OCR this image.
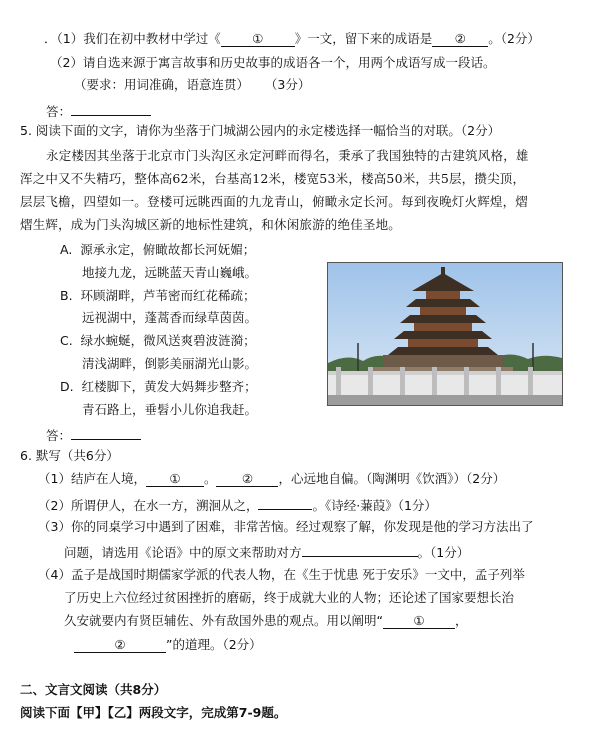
．（1）我们在初中教材中学过《	①	》一文，留下来的成语是 ② 。（2分）
（2）请自选来源于寓言故事和历史故事的成语各一个，用两个成语写成一段话。
（要求：用词准确，语意连贯） （3分）
答：
5. 阅读下面的文字，请你为坐落于门城湖公园内的永定楼选择一幅恰当的对联。（2分）
永定楼因其坐落于北京市门头沟区永定河畔而得名，秉承了我国独特的古建筑风格，雄
浑之中又不失精巧，整体高62米，台基高12米，楼宽53米，楼高50米，共5层，攒尖顶，
层层飞檐，四望如一。登楼可远眺西面的九龙青山，俯瞰永定长河。每到夜晚灯火辉煌，熠
熠生辉，成为门头沟城区新的地标性建筑，和休闲旅游的绝佳圣地。
A. 源承永定，俯瞰故都长河妩媚；
地接九龙，远眺蓝天青山巍峨。
B. 环顾湖畔，芦苇密而红花稀疏；
远视湖中，蓬蒿香而绿草茵茵。
C. 绿水蜿蜒，微风送爽碧波涟漪；
清浅湖畔，倒影美丽湖光山影。
D. 红楼脚下，黄发大妈舞步整齐；
青石路上，垂髫小儿你追我赶。
答：
6. 默写（共6分）
（1）结庐在人境， ① 。 ② ，心远地自偏。（陶渊明《饮酒》）（2分）
（2）所谓伊人，在水一方，溯洄从之，	。《诗经·蒹葭》（1分）
（3）你的同桌学习中遇到了困难，非常苦恼。经过观察了解，你发现是他的学习方法出了
问题，请选用《论语》中的原文来帮助对方	。（1分）
（4）孟子是战国时期儒家学派的代表人物，在《生于忧患 死于安乐》一文中，孟子列举
了历史上六位经过贫困挫折的磨砺，终于成就大业的人物；还论述了国家要想长治
久安就要内有贤臣辅佐、外有敌国外患的观点。用以阐明“ ① ，
②	”的道理。（2分）
二、文言文阅读（共8分）
阅读下面【甲】【乙】两段文字，完成第7-9题。
